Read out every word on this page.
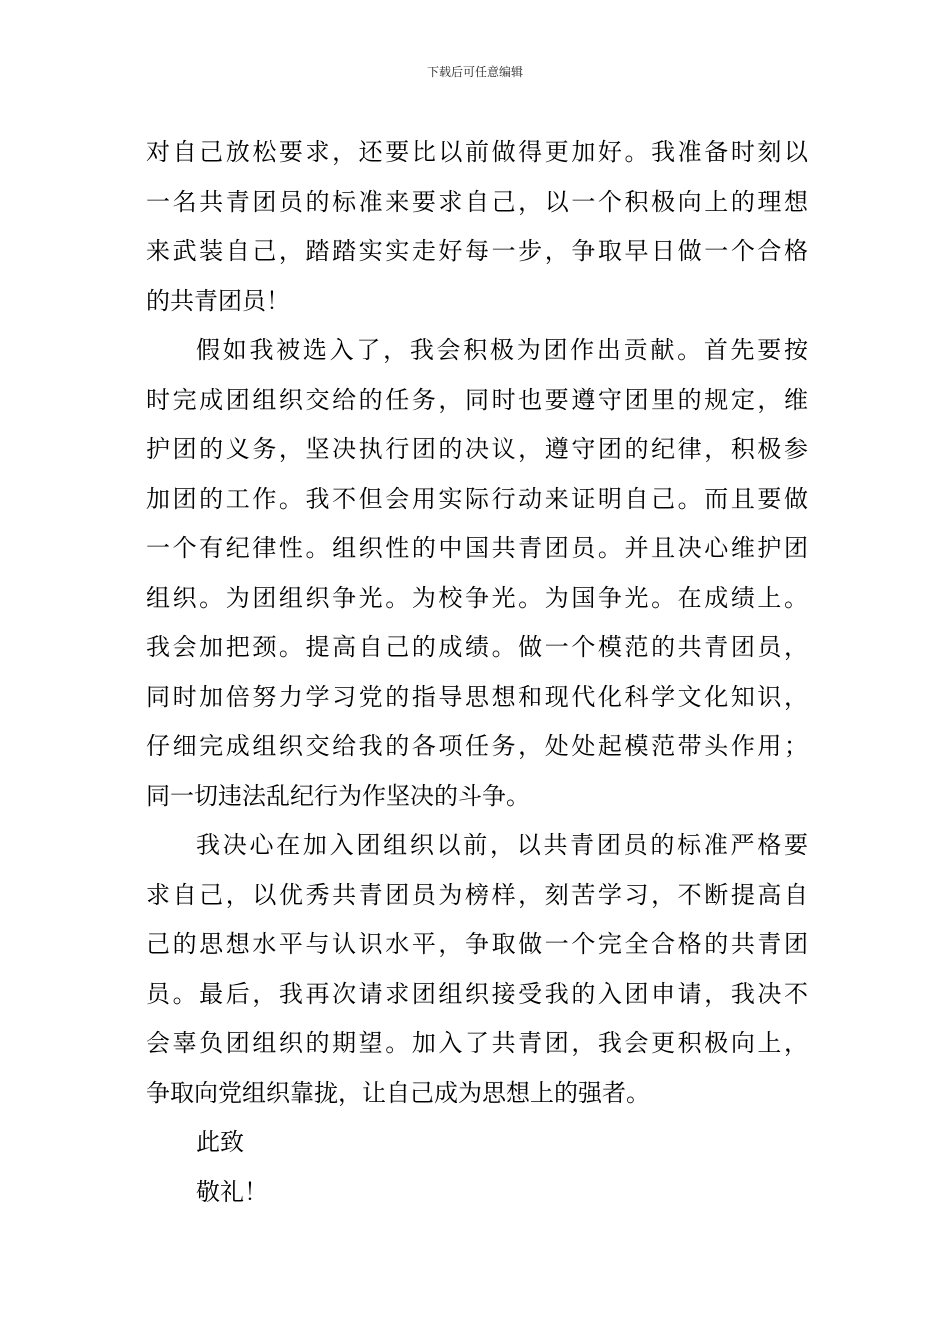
下载后可任意编辑

对自己放松要求，还要比以前做得更加好。我准备时刻以
一名共青团员的标准来要求自己，以一个积极向上的理想
来武装自己，踏踏实实走好每一步，争取早日做一个合格
的共青团员！

假如我被选入了，我会积极为团作出贡献。首先要按
时完成团组织交给的任务，同时也要遵守团里的规定，维
护团的义务，坚决执行团的决议，遵守团的纪律，积极参
加团的工作。我不但会用实际行动来证明自己。而且要做
一个有纪律性。组织性的中国共青团员。并且决心维护团
组织。为团组织争光。为校争光。为国争光。在成绩上。
我会加把颈。提高自己的成绩。做一个模范的共青团员，
同时加倍努力学习党的指导思想和现代化科学文化知识，
仔细完成组织交给我的各项任务，处处起模范带头作用；
同一切违法乱纪行为作坚决的斗争。

我决心在加入团组织以前，以共青团员的标准严格要
求自己，以优秀共青团员为榜样，刻苦学习，不断提高自
己的思想水平与认识水平，争取做一个完全合格的共青团
员。最后，我再次请求团组织接受我的入团申请，我决不
会辜负团组织的期望。加入了共青团，我会更积极向上，
争取向党组织靠拢，让自己成为思想上的强者。

此致
敬礼！
